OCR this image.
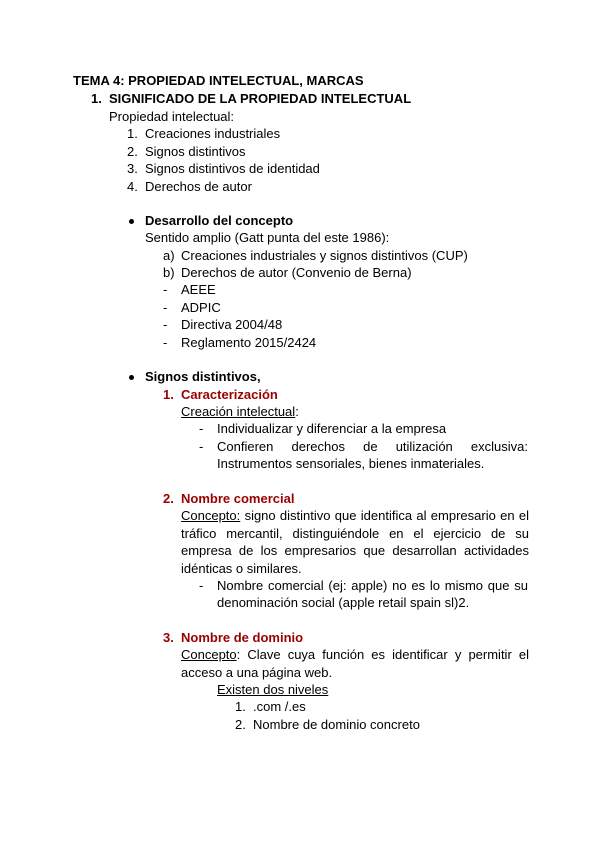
TEMA 4: PROPIEDAD INTELECTUAL, MARCAS
1. SIGNIFICADO DE LA PROPIEDAD INTELECTUAL
Propiedad intelectual:
1. Creaciones industriales
2. Signos distintivos
3. Signos distintivos de identidad
4. Derechos de autor
Desarrollo del concepto
Sentido amplio (Gatt punta del este 1986):
a) Creaciones industriales y signos distintivos (CUP)
b) Derechos de autor (Convenio de Berna)
- AEEE
- ADPIC
- Directiva 2004/48
- Reglamento 2015/2424
Signos distintivos,
1. Caracterización
Creación intelectual:
- Individualizar y diferenciar a la empresa
- Confieren derechos de utilización exclusiva:
Instrumentos sensoriales, bienes inmateriales.
2. Nombre comercial
Concepto: signo distintivo que identifica al empresario en el
tráfico mercantil, distinguiéndole en el ejercicio de su
empresa de los empresarios que desarrollan actividades
idénticas o similares.
- Nombre comercial (ej: apple) no es lo mismo que su
denominación social (apple retail spain sl)2.
3. Nombre de dominio
Concepto: Clave cuya función es identificar y permitir el
acceso a una página web.
Existen dos niveles
1. .com /.es
2. Nombre de dominio concreto
